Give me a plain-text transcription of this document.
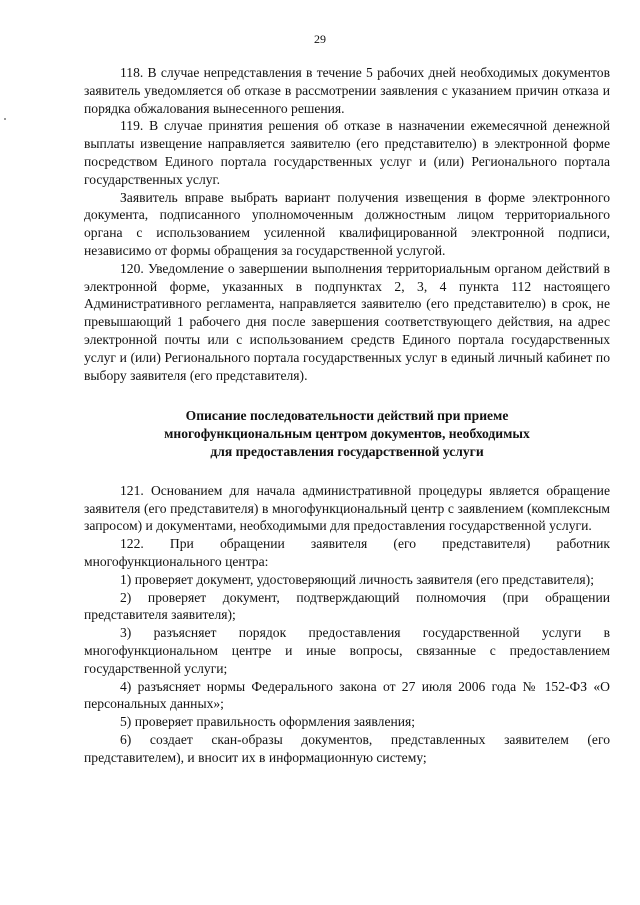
29

118. В случае непредставления в течение 5 рабочих дней необходимых документов заявитель уведомляется об отказе в рассмотрении заявления с указанием причин отказа и порядка обжалования вынесенного решения.

119. В случае принятия решения об отказе в назначении ежемесячной денежной выплаты извещение направляется заявителю (его представителю) в электронной форме посредством Единого портала государственных услуг и (или) Регионального портала государственных услуг.

Заявитель вправе выбрать вариант получения извещения в форме электронного документа, подписанного уполномоченным должностным лицом территориального органа с использованием усиленной квалифицированной электронной подписи, независимо от формы обращения за государственной услугой.

120. Уведомление о завершении выполнения территориальным органом действий в электронной форме, указанных в подпунктах 2, 3, 4 пункта 112 настоящего Административного регламента, направляется заявителю (его представителю) в срок, не превышающий 1 рабочего дня после завершения соответствующего действия, на адрес электронной почты или с использованием средств Единого портала государственных услуг и (или) Регионального портала государственных услуг в единый личный кабинет по выбору заявителя (его представителя).

Описание последовательности действий при приеме
многофункциональным центром документов, необходимых
для предоставления государственной услуги

121. Основанием для начала административной процедуры является обращение заявителя (его представителя) в многофункциональный центр с заявлением (комплексным запросом) и документами, необходимыми для предоставления государственной услуги.

122. При обращении заявителя (его представителя) работник многофункционального центра:

1) проверяет документ, удостоверяющий личность заявителя (его представителя);

2) проверяет документ, подтверждающий полномочия (при обращении представителя заявителя);

3) разъясняет порядок предоставления государственной услуги в многофункциональном центре и иные вопросы, связанные с предоставлением государственной услуги;

4) разъясняет нормы Федерального закона от 27 июля 2006 года № 152-ФЗ «О персональных данных»;

5) проверяет правильность оформления заявления;

6) создает скан-образы документов, представленных заявителем (его представителем), и вносит их в информационную систему;
